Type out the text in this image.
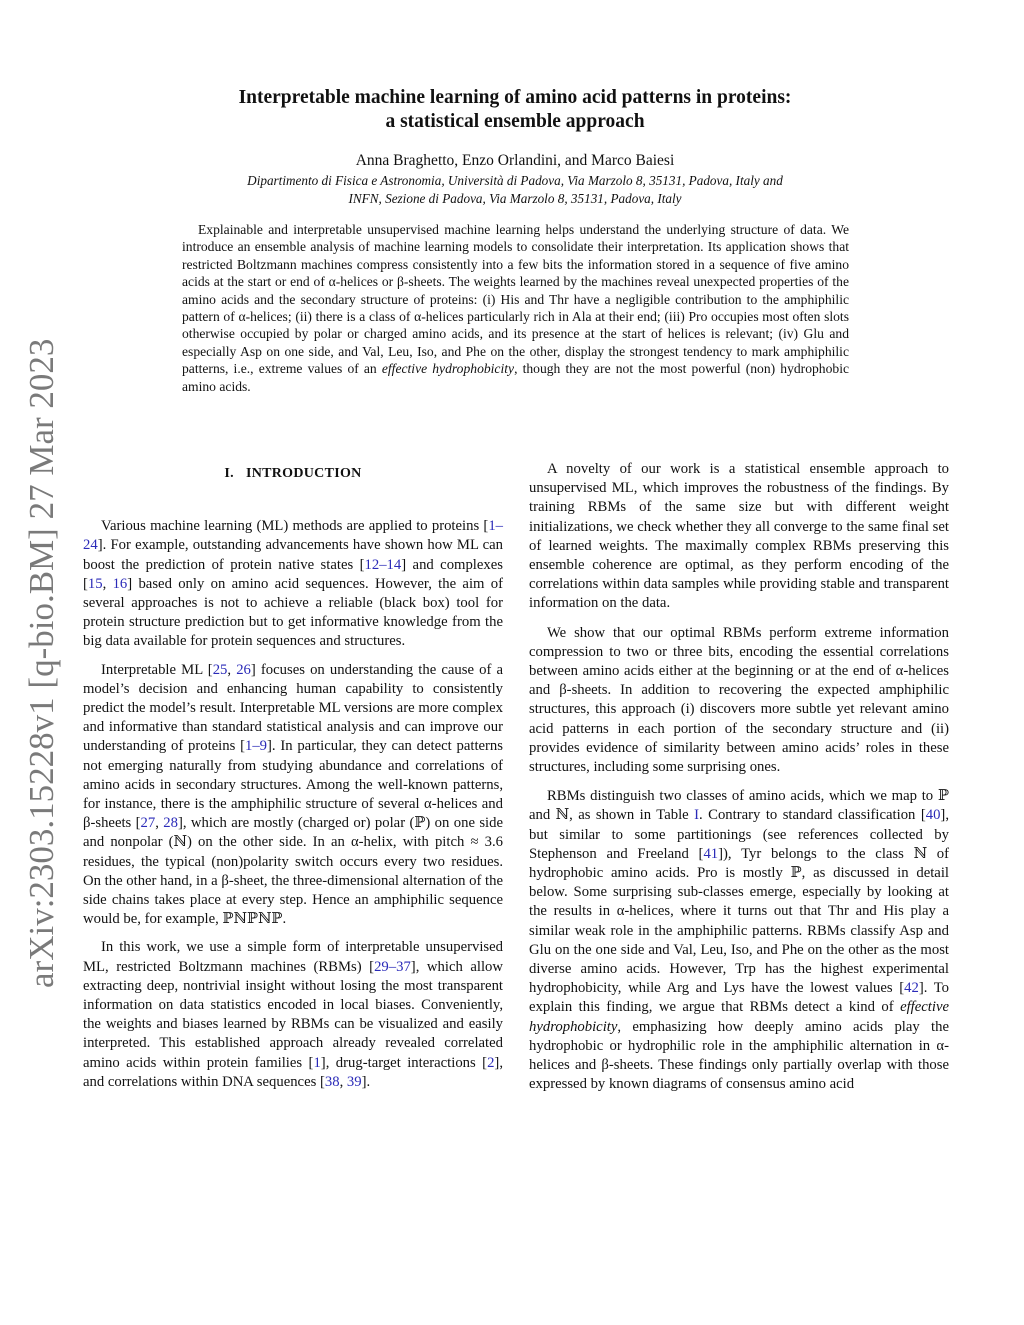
arXiv:2303.15228v1 [q-bio.BM] 27 Mar 2023
Interpretable machine learning of amino acid patterns in proteins:
a statistical ensemble approach

Anna Braghetto, Enzo Orlandini, and Marco Baiesi

Dipartimento di Fisica e Astronomia, Università di Padova, Via Marzolo 8, 35131, Padova, Italy and
INFN, Sezione di Padova, Via Marzolo 8, 35131, Padova, Italy

Explainable and interpretable unsupervised machine learning helps understand the underlying structure of data. We introduce an ensemble analysis of machine learning models to consolidate their interpretation. Its application shows that restricted Boltzmann machines compress consistently into a few bits the information stored in a sequence of five amino acids at the start or end of α-helices or β-sheets. The weights learned by the machines reveal unexpected properties of the amino acids and the secondary structure of proteins: (i) His and Thr have a negligible contribution to the amphiphilic pattern of α-helices; (ii) there is a class of α-helices particularly rich in Ala at their end; (iii) Pro occupies most often slots otherwise occupied by polar or charged amino acids, and its presence at the start of helices is relevant; (iv) Glu and especially Asp on one side, and Val, Leu, Iso, and Phe on the other, display the strongest tendency to mark amphiphilic patterns, i.e., extreme values of an effective hydrophobicity, though they are not the most powerful (non) hydrophobic amino acids.

I. INTRODUCTION

Various machine learning (ML) methods are applied to proteins [1–24]. For example, outstanding advancements have shown how ML can boost the prediction of protein native states [12–14] and complexes [15, 16] based only on amino acid sequences. However, the aim of several approaches is not to achieve a reliable (black box) tool for protein structure prediction but to get informative knowledge from the big data available for protein sequences and structures.

Interpretable ML [25, 26] focuses on understanding the cause of a model’s decision and enhancing human capability to consistently predict the model’s result. Interpretable ML versions are more complex and informative than standard statistical analysis and can improve our understanding of proteins [1–9]. In particular, they can detect patterns not emerging naturally from studying abundance and correlations of amino acids in secondary structures. Among the well-known patterns, for instance, there is the amphiphilic structure of several α-helices and β-sheets [27, 28], which are mostly (charged or) polar (ℙ) on one side and nonpolar (ℕ) on the other side. In an α-helix, with pitch ≈ 3.6 residues, the typical (non)polarity switch occurs every two residues. On the other hand, in a β-sheet, the three-dimensional alternation of the side chains takes place at every step. Hence an amphiphilic sequence would be, for example, ℙℕℙℕℙ.

In this work, we use a simple form of interpretable unsupervised ML, restricted Boltzmann machines (RBMs) [29–37], which allow extracting deep, nontrivial insight without losing the most transparent information on data statistics encoded in local biases. Conveniently, the weights and biases learned by RBMs can be visualized and easily interpreted. This established approach already revealed correlated amino acids within protein families [1], drug-target interactions [2], and correlations within DNA sequences [38, 39].

A novelty of our work is a statistical ensemble approach to unsupervised ML, which improves the robustness of the findings. By training RBMs of the same size but with different weight initializations, we check whether they all converge to the same final set of learned weights. The maximally complex RBMs preserving this ensemble coherence are optimal, as they perform encoding of the correlations within data samples while providing stable and transparent information on the data.

We show that our optimal RBMs perform extreme information compression to two or three bits, encoding the essential correlations between amino acids either at the beginning or at the end of α-helices and β-sheets. In addition to recovering the expected amphiphilic structures, this approach (i) discovers more subtle yet relevant amino acid patterns in each portion of the secondary structure and (ii) provides evidence of similarity between amino acids’ roles in these structures, including some surprising ones.

RBMs distinguish two classes of amino acids, which we map to ℙ and ℕ, as shown in Table I. Contrary to standard classification [40], but similar to some partitionings (see references collected by Stephenson and Freeland [41]), Tyr belongs to the class ℕ of hydrophobic amino acids. Pro is mostly ℙ, as discussed in detail below. Some surprising sub-classes emerge, especially by looking at the results in α-helices, where it turns out that Thr and His play a similar weak role in the amphiphilic patterns. RBMs classify Asp and Glu on the one side and Val, Leu, Iso, and Phe on the other as the most diverse amino acids. However, Trp has the highest experimental hydrophobicity, while Arg and Lys have the lowest values [42]. To explain this finding, we argue that RBMs detect a kind of effective hydrophobicity, emphasizing how deeply amino acids play the hydrophobic or hydrophilic role in the amphiphilic alternation in α-helices and β-sheets. These findings only partially overlap with those expressed by known diagrams of consensus amino acid
